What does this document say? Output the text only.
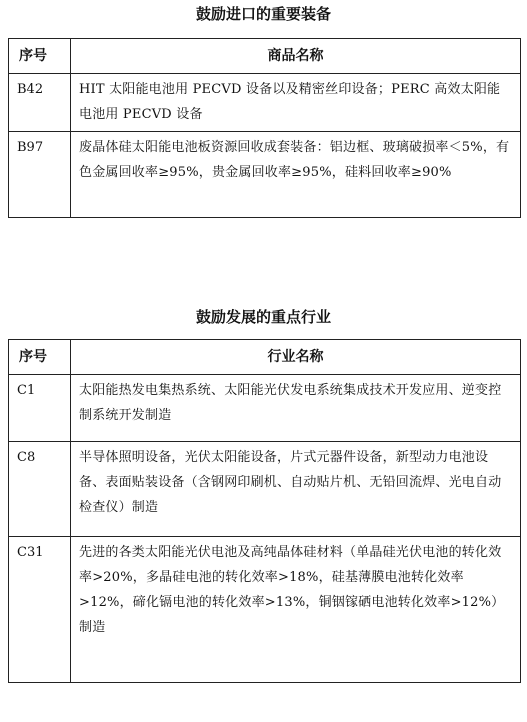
鼓励进口的重要装备
序号	商品名称
B42	HIT 太阳能电池用 PECVD 设备以及精密丝印设备；PERC 高效太阳能电池用 PECVD 设备
B97	废晶体硅太阳能电池板资源回收成套装备：铝边框、玻璃破损率＜5%，有色金属回收率≥95%，贵金属回收率≥95%，硅料回收率≥90%
鼓励发展的重点行业
序号	行业名称
C1	太阳能热发电集热系统、太阳能光伏发电系统集成技术开发应用、逆变控制系统开发制造
C8	半导体照明设备，光伏太阳能设备，片式元器件设备，新型动力电池设备、表面贴装设备（含钢网印刷机、自动贴片机、无铅回流焊、光电自动检查仪）制造
C31	先进的各类太阳能光伏电池及高纯晶体硅材料（单晶硅光伏电池的转化效率>20%，多晶硅电池的转化效率>18%，硅基薄膜电池转化效率>12%，碲化镉电池的转化效率>13%，铜铟镓硒电池转化效率>12%）制造
